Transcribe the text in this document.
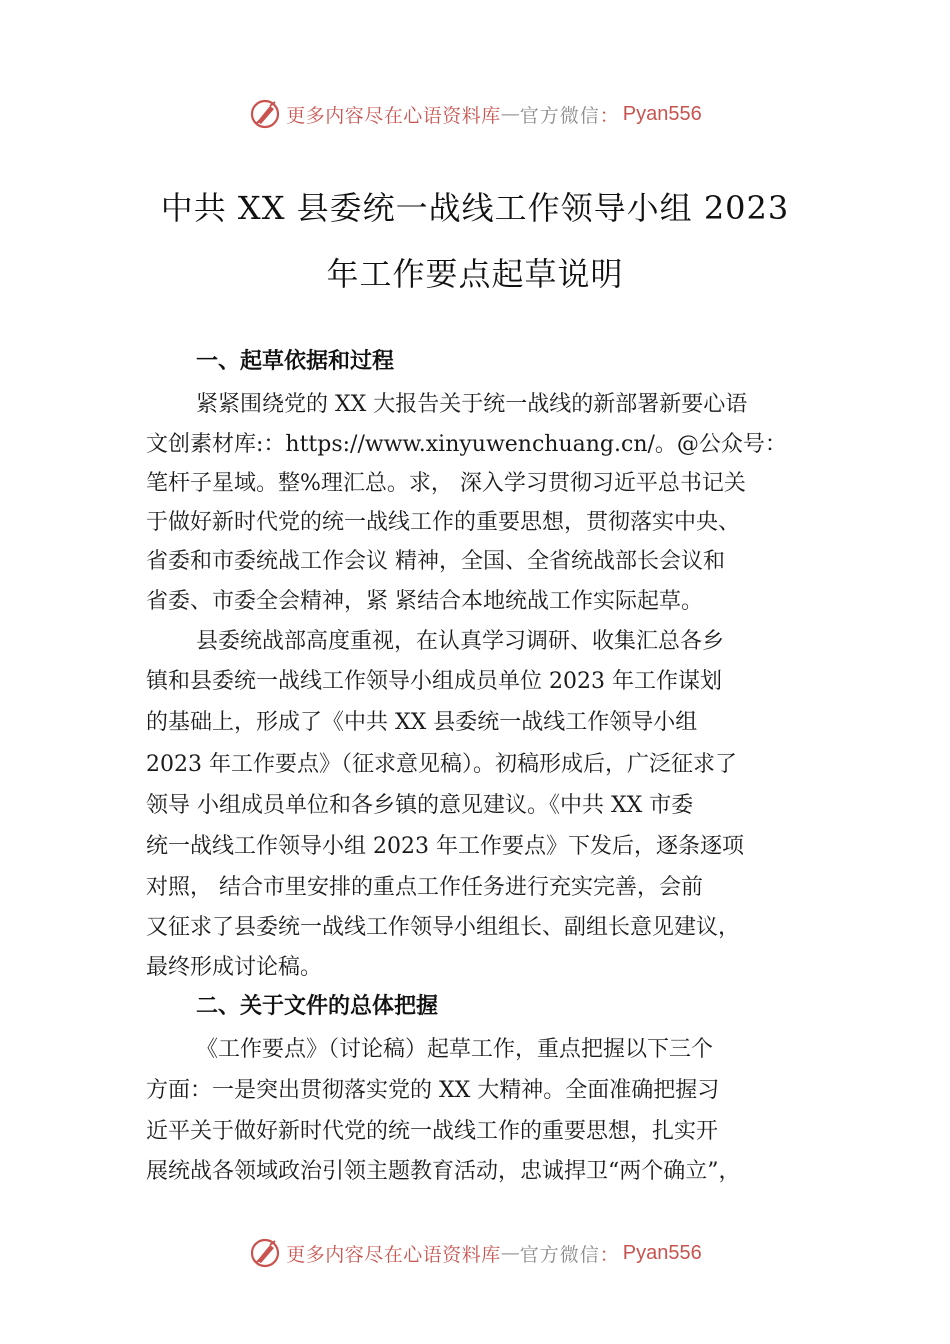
更多内容尽在心语资料库 — 官方微信 ： Pyan556
中共 XX 县委统一战线工作领导小组 2023
年工作要点起草说明
一、起草依据和过程
紧紧围绕党的 XX 大报告关于统一战线的新部署新要心语
文创素材库:：https://www.xinyuwenchuang.cn/。@公众号：
笔杆子星域。整%理汇总。求， 深入学习贯彻习近平总书记关
于做好新时代党的统一战线工作的重要思想，贯彻落实中央、
省委和市委统战工作会议 精神，全国、全省统战部长会议和
省委、市委全会精神，紧 紧结合本地统战工作实际起草。
县委统战部高度重视，在认真学习调研、收集汇总各乡
镇和县委统一战线工作领导小组成员单位 2023 年工作谋划
的基础上，形成了《中共 XX 县委统一战线工作领导小组
2023 年工作要点》（征求意见稿）。初稿形成后，广泛征求了
领导 小组成员单位和各乡镇的意见建议。《中共 XX 市委
统一战线工作领导小组 2023 年工作要点》下发后，逐条逐项
对照， 结合市里安排的重点工作任务进行充实完善，会前
又征求了县委统一战线工作领导小组组长、副组长意见建议，
最终形成讨论稿。
二、关于文件的总体把握
《工作要点》（讨论稿）起草工作，重点把握以下三个
方面：一是突出贯彻落实党的 XX 大精神。全面准确把握习
近平关于做好新时代党的统一战线工作的重要思想，扎实开
展统战各领域政治引领主题教育活动，忠诚捍卫“两个确立”，
更多内容尽在心语资料库 — 官方微信 ： Pyan556
